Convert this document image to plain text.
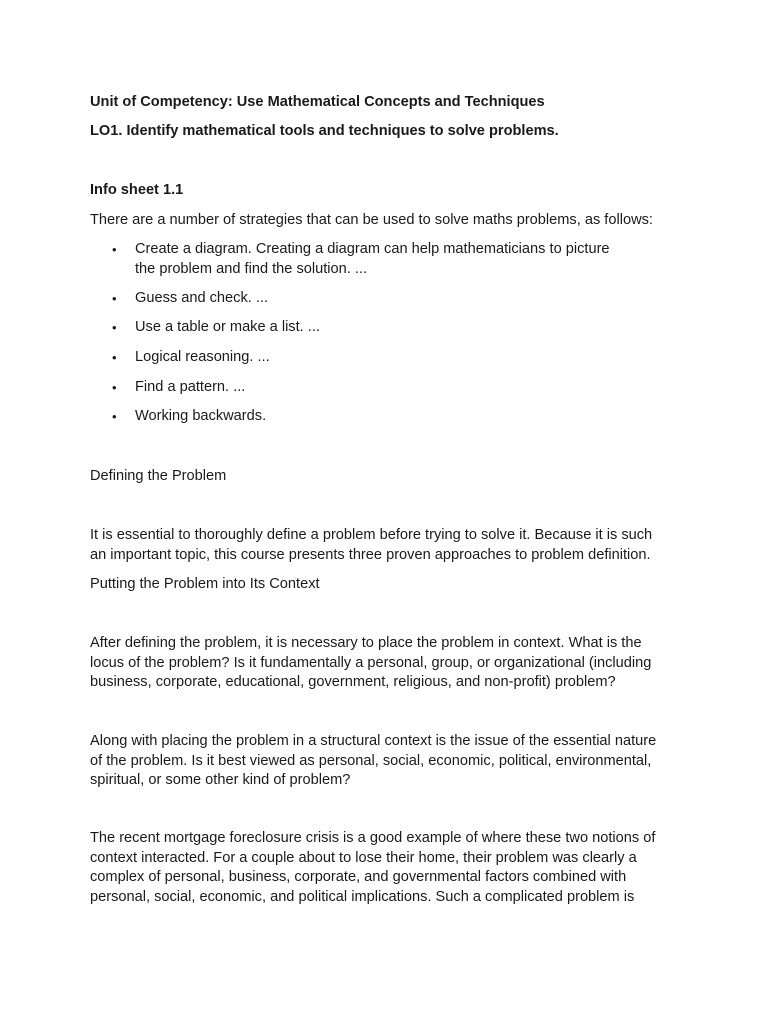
Unit of Competency: Use Mathematical Concepts and Techniques

LO1. Identify mathematical tools and techniques to solve problems.

Info sheet 1.1

There are a number of strategies that can be used to solve maths problems, as follows:

•	Create a diagram. Creating a diagram can help mathematicians to picture
the problem and find the solution. ...
•	Guess and check. ...
•	Use a table or make a list. ...
•	Logical reasoning. ...
•	Find a pattern. ...
•	Working backwards.

Defining the Problem

It is essential to thoroughly define a problem before trying to solve it. Because it is such
an important topic, this course presents three proven approaches to problem definition.

Putting the Problem into Its Context

After defining the problem, it is necessary to place the problem in context. What is the
locus of the problem? Is it fundamentally a personal, group, or organizational (including
business, corporate, educational, government, religious, and non-profit) problem?
Along with placing the problem in a structural context is the issue of the essential nature
of the problem. Is it best viewed as personal, social, economic, political, environmental,
spiritual, or some other kind of problem?
The recent mortgage foreclosure crisis is a good example of where these two notions of
context interacted. For a couple about to lose their home, their problem was clearly a
complex of personal, business, corporate, and governmental factors combined with
personal, social, economic, and political implications. Such a complicated problem is
